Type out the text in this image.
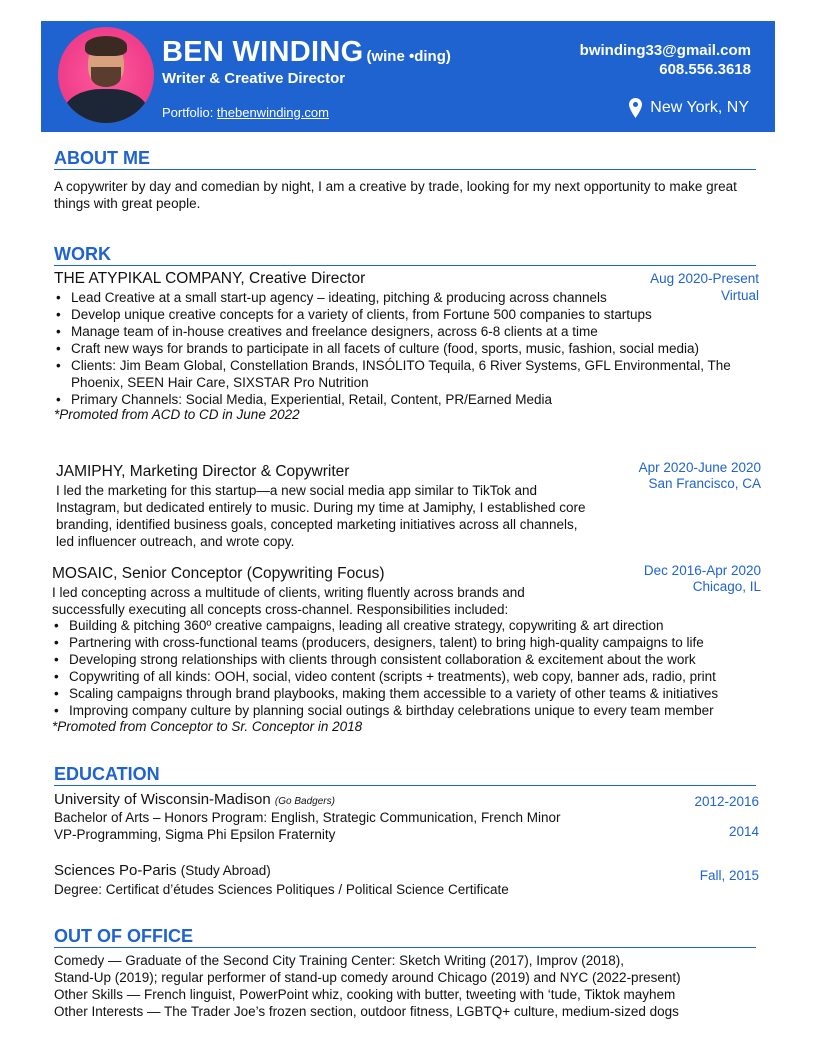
BEN WINDING (wine •ding)
Writer & Creative Director
Portfolio: thebenwinding.com
bwinding33@gmail.com
608.556.3618
New York, NY
ABOUT ME
A copywriter by day and comedian by night, I am a creative by trade, looking for my next opportunity to make great things with great people.
WORK
THE ATYPIKAL COMPANY, Creative Director	Aug 2020-Present
Virtual
• Lead Creative at a small start-up agency – ideating, pitching & producing across channels
• Develop unique creative concepts for a variety of clients, from Fortune 500 companies to startups
• Manage team of in-house creatives and freelance designers, across 6-8 clients at a time
• Craft new ways for brands to participate in all facets of culture (food, sports, music, fashion, social media)
• Clients: Jim Beam Global, Constellation Brands, INSÓLITO Tequila, 6 River Systems, GFL Environmental, The Phoenix, SEEN Hair Care, SIXSTAR Pro Nutrition
• Primary Channels: Social Media, Experiential, Retail, Content, PR/Earned Media
*Promoted from ACD to CD in June 2022
JAMIPHY, Marketing Director & Copywriter	Apr 2020-June 2020
San Francisco, CA
I led the marketing for this startup—a new social media app similar to TikTok and Instagram, but dedicated entirely to music. During my time at Jamiphy, I established core branding, identified business goals, concepted marketing initiatives across all channels, led influencer outreach, and wrote copy.
MOSAIC, Senior Conceptor (Copywriting Focus)	Dec 2016-Apr 2020
Chicago, IL
I led concepting across a multitude of clients, writing fluently across brands and successfully executing all concepts cross-channel. Responsibilities included:
• Building & pitching 360º creative campaigns, leading all creative strategy, copywriting & art direction
• Partnering with cross-functional teams (producers, designers, talent) to bring high-quality campaigns to life
• Developing strong relationships with clients through consistent collaboration & excitement about the work
• Copywriting of all kinds: OOH, social, video content (scripts + treatments), web copy, banner ads, radio, print
• Scaling campaigns through brand playbooks, making them accessible to a variety of other teams & initiatives
• Improving company culture by planning social outings & birthday celebrations unique to every team member
*Promoted from Conceptor to Sr. Conceptor in 2018
EDUCATION
University of Wisconsin-Madison (Go Badgers)	2012-2016
Bachelor of Arts – Honors Program: English, Strategic Communication, French Minor
VP-Programming, Sigma Phi Epsilon Fraternity	2014
Sciences Po-Paris (Study Abroad)	Fall, 2015
Degree: Certificat d’études Sciences Politiques / Political Science Certificate
OUT OF OFFICE
Comedy — Graduate of the Second City Training Center: Sketch Writing (2017), Improv (2018),
Stand-Up (2019); regular performer of stand-up comedy around Chicago (2019) and NYC (2022-present)
Other Skills — French linguist, PowerPoint whiz, cooking with butter, tweeting with ‘tude, Tiktok mayhem
Other Interests — The Trader Joe’s frozen section, outdoor fitness, LGBTQ+ culture, medium-sized dogs
